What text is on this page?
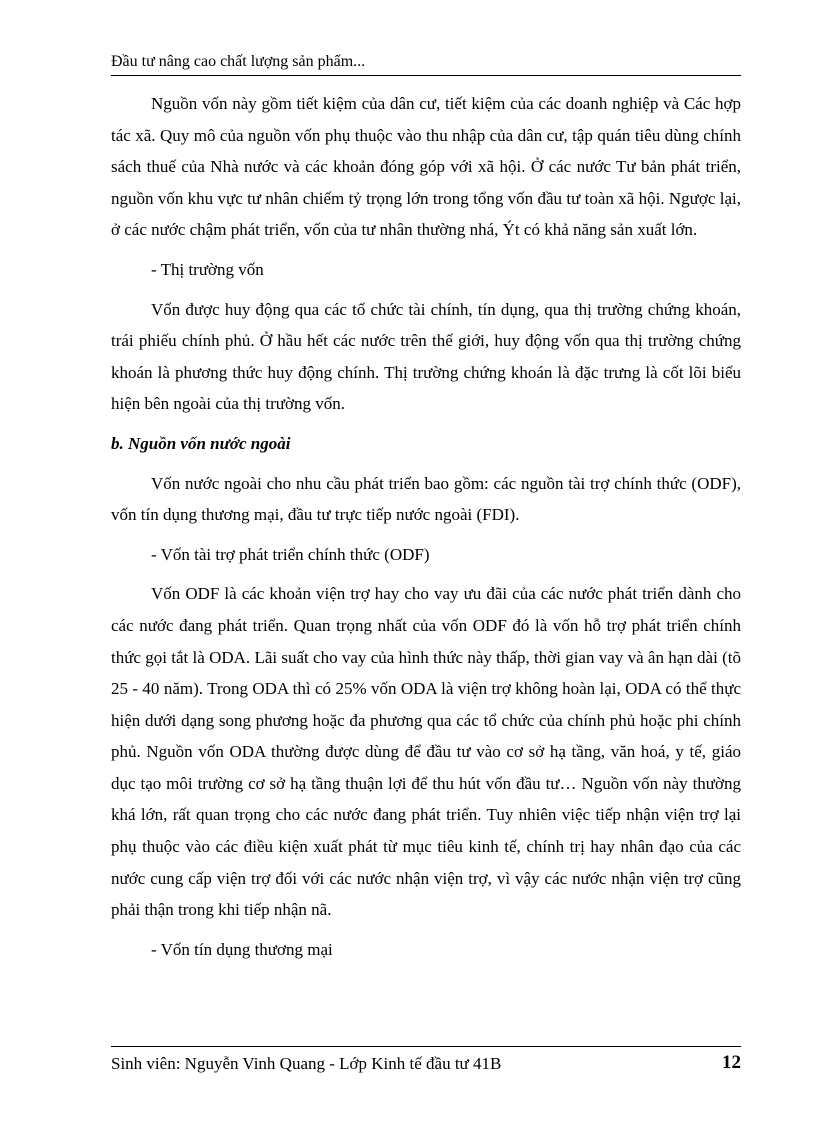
Đầu tư nâng cao chất lượng sản phẩm...

Nguồn vốn này gồm tiết kiệm của dân cư, tiết kiệm của các doanh nghiệp và Các hợp tác xã. Quy mô của nguồn vốn phụ thuộc vào thu nhập của dân cư, tập quán tiêu dùng chính sách thuế của Nhà nước và các khoản đóng góp với xã hội. Ở các nước Tư bản phát triển, nguồn vốn khu vực tư nhân chiếm tỷ trọng lớn trong tổng vốn đầu tư toàn xã hội. Ngược lại, ở các nước chậm phát triển, vốn của tư nhân thường nhá, Ýt có khả năng sản xuất lớn.

- Thị trường vốn

Vốn được huy động qua các tổ chức tài chính, tín dụng, qua thị trường chứng khoán, trái phiếu chính phủ. Ở hầu hết các nước trên thế giới, huy động vốn qua thị trường chứng khoán là phương thức huy động chính. Thị trường chứng khoán là đặc trưng là cốt lõi biểu hiện bên ngoài của thị trường vốn.

b. Nguồn vốn nước ngoài

Vốn nước ngoài cho nhu cầu phát triển bao gồm: các nguồn tài trợ chính thức (ODF), vốn tín dụng thương mại, đầu tư trực tiếp nước ngoài (FDI).

- Vốn tài trợ phát triển chính thức (ODF)

Vốn ODF là các khoản viện trợ hay cho vay ưu đãi của các nước phát triển dành cho các nước đang phát triển. Quan trọng nhất của vốn ODF đó là vốn hỗ trợ phát triển chính thức gọi tắt là ODA. Lãi suất cho vay của hình thức này thấp, thời gian vay và ân hạn dài (tõ 25 - 40 năm). Trong ODA thì có 25% vốn ODA là viện trợ không hoàn lại, ODA có thể thực hiện dưới dạng song phương hoặc đa phương qua các tổ chức của chính phủ hoặc phi chính phủ. Nguồn vốn ODA thường được dùng để đầu tư vào cơ sở hạ tầng, văn hoá, y tế, giáo dục tạo môi trường cơ sở hạ tầng thuận lợi để thu hút vốn đầu tư… Nguồn vốn này thường khá lớn, rất quan trọng cho các nước đang phát triển. Tuy nhiên việc tiếp nhận viện trợ lại phụ thuộc vào các điều kiện xuất phát từ mục tiêu kinh tế, chính trị hay nhân đạo của các nước cung cấp viện trợ đối với các nước nhận viện trợ, vì vậy các nước nhận viện trợ cũng phải thận trong khi tiếp nhận nã.

- Vốn tín dụng thương mại

Sinh viên: Nguyễn Vinh Quang - Lớp Kinh tế đầu tư 41B	12
